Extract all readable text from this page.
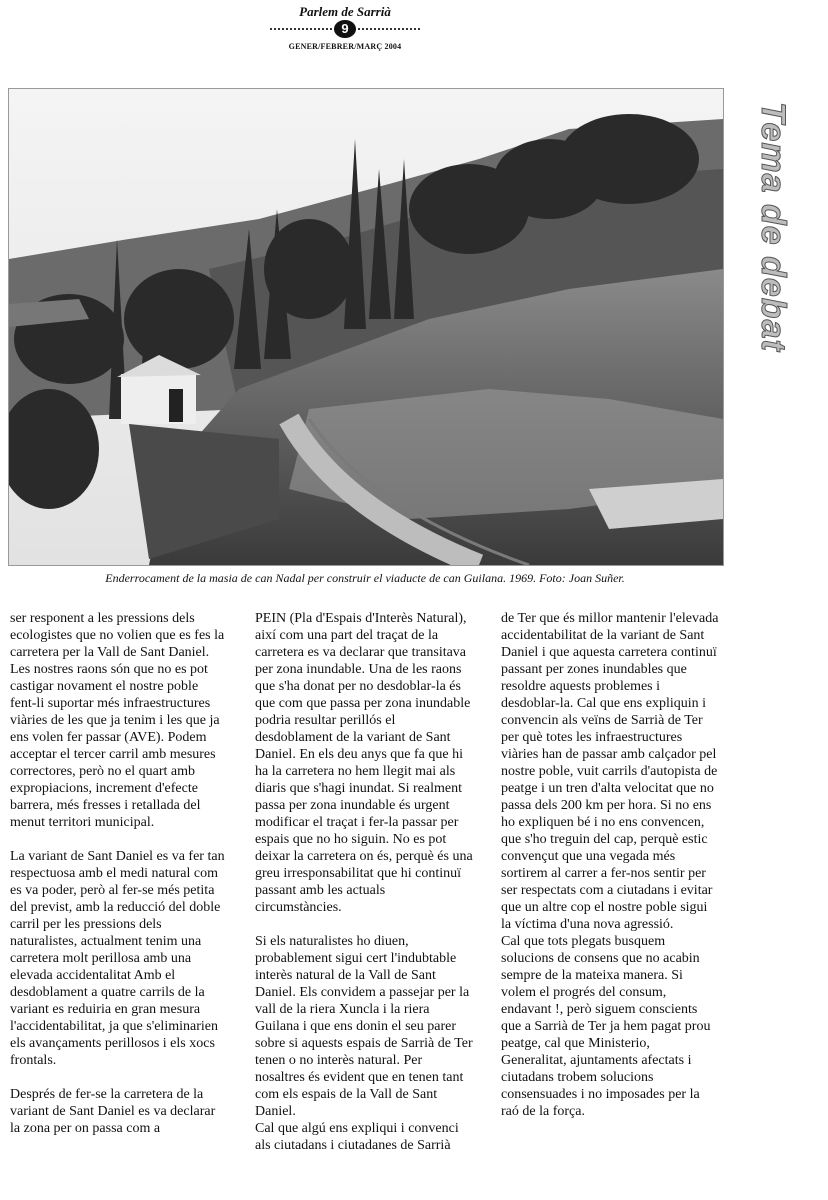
Parlem de Sarrià
9
GENER/FEBRER/MARÇ 2004
Tema de debat
Enderrocament de la masia de can Nadal per construir el viaducte de can Guilana. 1969. Foto: Joan Suñer.

ser responent a les pressions dels ecologistes que no volien que es fes la carretera per la Vall de Sant Daniel. Les nostres raons són que no es pot castigar novament el nostre poble fent-li suportar més infraestructures viàries de les que ja tenim i les que ja ens volen fer passar (AVE). Podem acceptar el tercer carril amb mesures correctores, però no el quart amb expropiacions, increment d'efecte barrera, més fresses i retallada del menut territori municipal.

La variant de Sant Daniel es va fer tan respectuosa amb el medi natural com es va poder, però al fer-se més petita del previst, amb la reducció del doble carril per les pressions dels naturalistes, actualment tenim una carretera molt perillosa amb una elevada accidentalitat Amb el desdoblament a quatre carrils de la variant es reduiria en gran mesura l'accidentabilitat, ja que s'eliminarien els avançaments perillosos i els xocs frontals.

Després de fer-se la carretera de la variant de Sant Daniel es va declarar la zona per on passa com a

PEIN (Pla d'Espais d'Interès Natural), així com una part del traçat de la carretera es va declarar que transitava per zona inundable. Una de les raons que s'ha donat per no desdoblar-la és que com que passa per zona inundable podria resultar perillós el desdoblament de la variant de Sant Daniel. En els deu anys que fa que hi ha la carretera no hem llegit mai als diaris que s'hagi inundat. Si realment passa per zona inundable és urgent modificar el traçat i fer-la passar per espais que no ho siguin. No es pot deixar la carretera on és, perquè és una greu irresponsabilitat que hi continuï passant amb les actuals circumstàncies.

Si els naturalistes ho diuen, probablement sigui cert l'indubtable interès natural de la Vall de Sant Daniel. Els convidem a passejar per la vall de la riera Xuncla i la riera Guilana i que ens donin el seu parer sobre si aquests espais de Sarrià de Ter tenen o no interès natural. Per nosaltres és evident que en tenen tant com els espais de la Vall de Sant Daniel.

Cal que algú ens expliqui i convenci als ciutadans i ciutadanes de Sarrià

de Ter que és millor mantenir l'elevada accidentabilitat de la variant de Sant Daniel i que aquesta carretera continuï passant per zones inundables que resoldre aquests problemes i desdoblar-la. Cal que ens expliquin i convencin als veïns de Sarrià de Ter per què totes les infraestructures viàries han de passar amb calçador pel nostre poble, vuit carrils d'autopista de peatge i un tren d'alta velocitat que no passa dels 200 km per hora. Si no ens ho expliquen bé i no ens convencen, que s'ho treguin del cap, perquè estic convençut que una vegada més sortirem al carrer a fer-nos sentir per ser respectats com a ciutadans i evitar que un altre cop el nostre poble sigui la víctima d'una nova agressió.

Cal que tots plegats busquem solucions de consens que no acabin sempre de la mateixa manera. Si volem el progrés del consum, endavant !, però siguem conscients que a Sarrià de Ter ja hem pagat prou peatge, cal que Ministerio, Generalitat, ajuntaments afectats i ciutadans trobem solucions consensuades i no imposades per la raó de la força.
